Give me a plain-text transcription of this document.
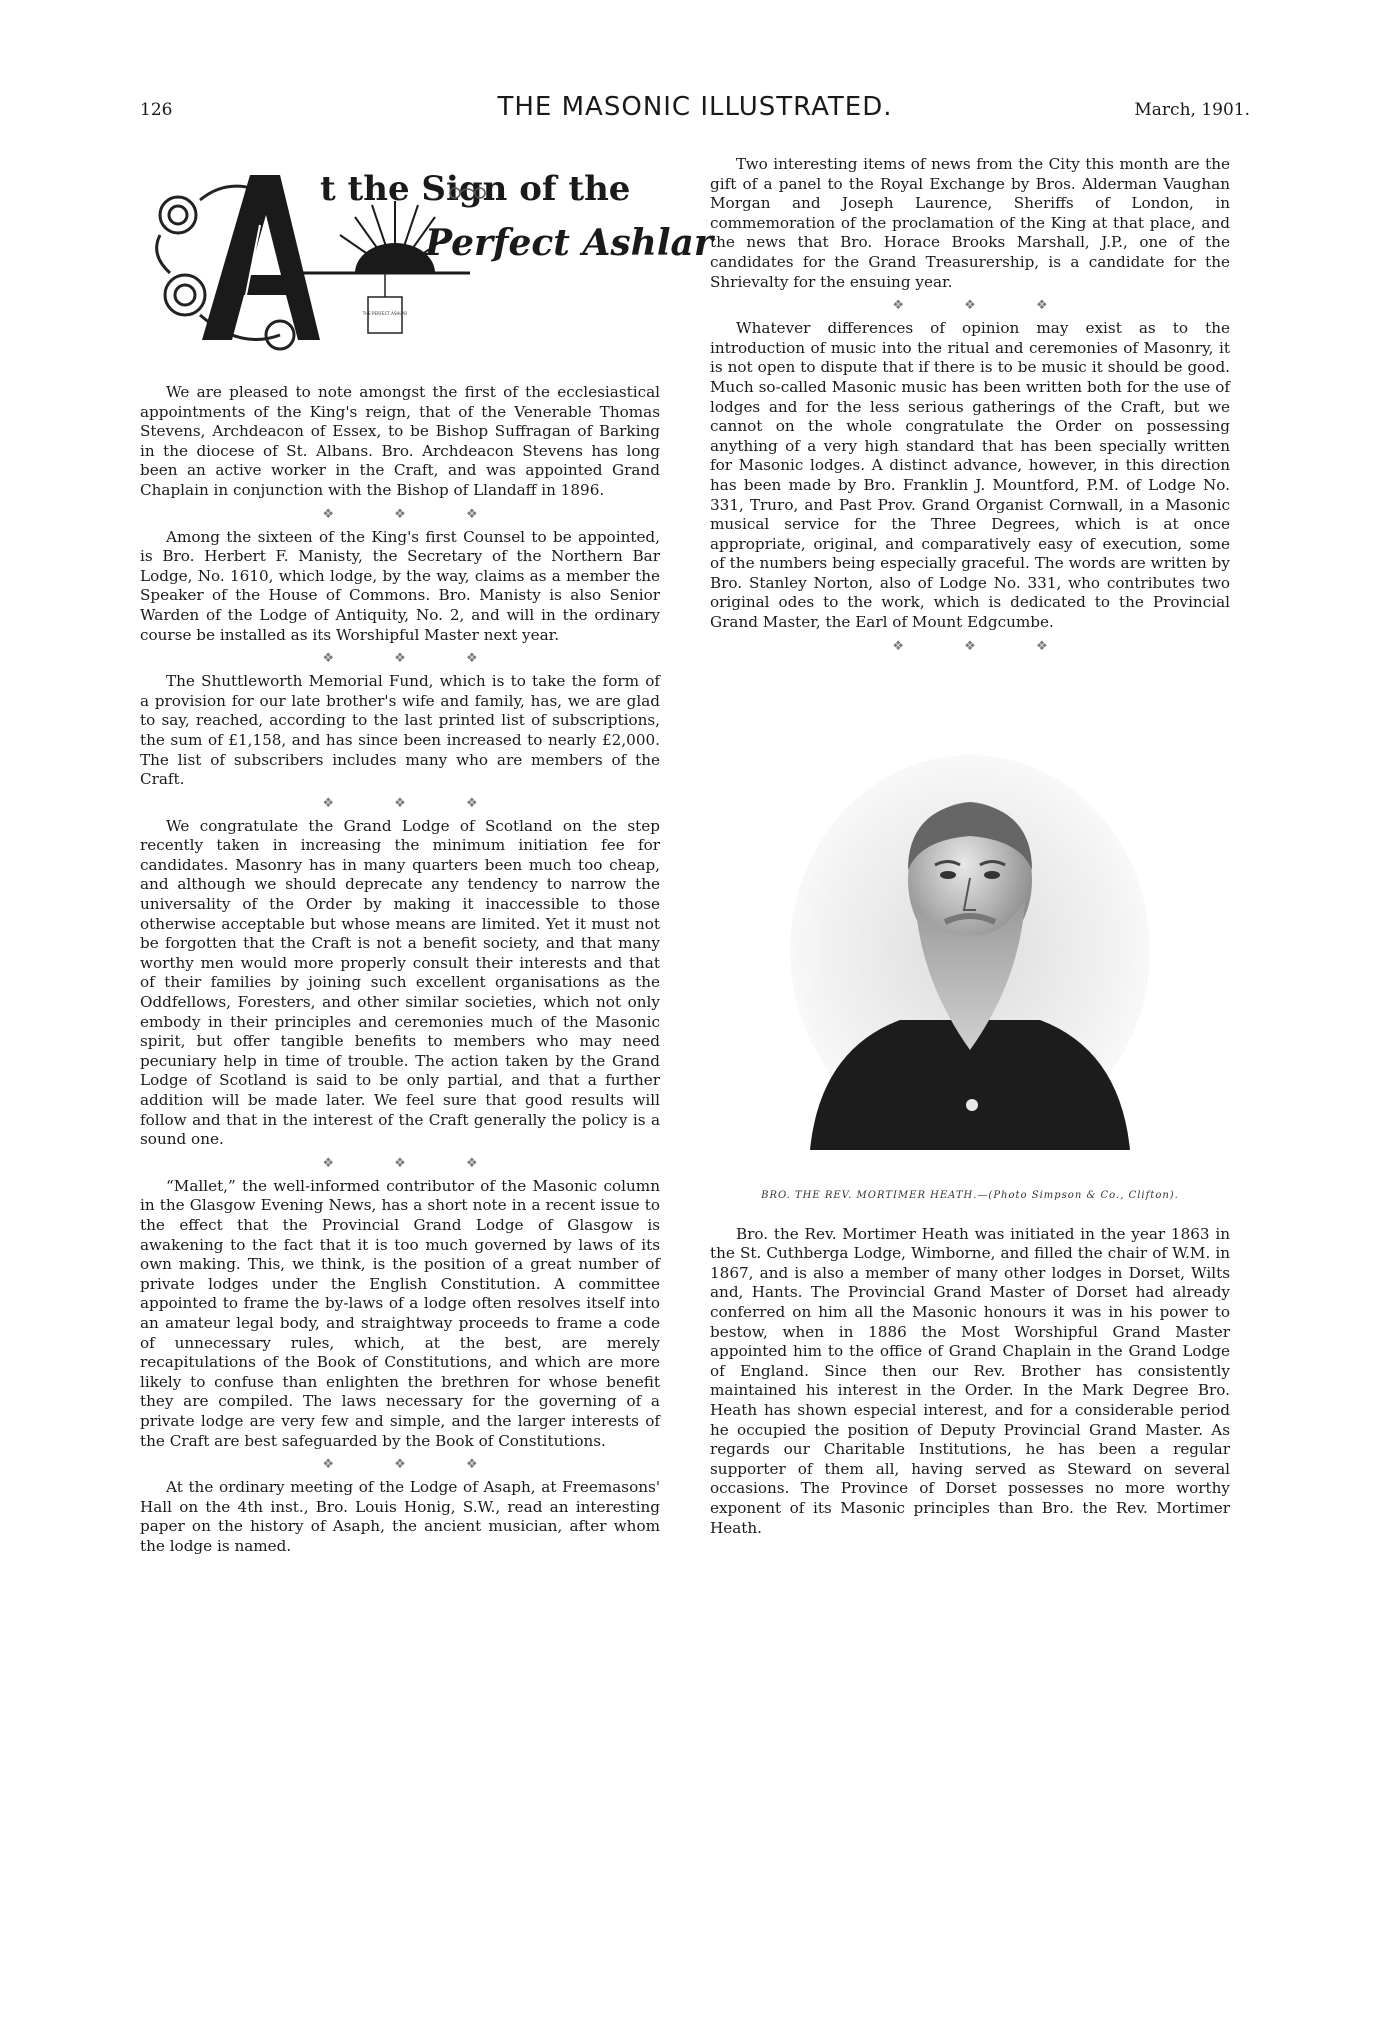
126	THE MASONIC ILLUSTRATED.	March, 1901.
t the Sign of the
Perfect Ashlar
THE PERFECT ASHLAR

We are pleased to note amongst the first of the ecclesiastical appointments of the King's reign, that of the Venerable Thomas Stevens, Archdeacon of Essex, to be Bishop Suffragan of Barking in the diocese of St. Albans. Bro. Archdeacon Stevens has long been an active worker in the Craft, and was appointed Grand Chaplain in conjunction with the Bishop of Llandaff in 1896.

❖ ❖ ❖

Among the sixteen of the King's first Counsel to be appointed, is Bro. Herbert F. Manisty, the Secretary of the Northern Bar Lodge, No. 1610, which lodge, by the way, claims as a member the Speaker of the House of Commons. Bro. Manisty is also Senior Warden of the Lodge of Antiquity, No. 2, and will in the ordinary course be installed as its Worshipful Master next year.

❖ ❖ ❖

The Shuttleworth Memorial Fund, which is to take the form of a provision for our late brother's wife and family, has, we are glad to say, reached, according to the last printed list of subscriptions, the sum of £1,158, and has since been increased to nearly £2,000. The list of subscribers includes many who are members of the Craft.

❖ ❖ ❖

We congratulate the Grand Lodge of Scotland on the step recently taken in increasing the minimum initiation fee for candidates. Masonry has in many quarters been much too cheap, and although we should deprecate any tendency to narrow the universality of the Order by making it inaccessible to those otherwise acceptable but whose means are limited. Yet it must not be forgotten that the Craft is not a benefit society, and that many worthy men would more properly consult their interests and that of their families by joining such excellent organisations as the Oddfellows, Foresters, and other similar societies, which not only embody in their principles and ceremonies much of the Masonic spirit, but offer tangible benefits to members who may need pecuniary help in time of trouble. The action taken by the Grand Lodge of Scotland is said to be only partial, and that a further addition will be made later. We feel sure that good results will follow and that in the interest of the Craft generally the policy is a sound one.

❖ ❖ ❖

“Mallet,” the well-informed contributor of the Masonic column in the Glasgow Evening News, has a short note in a recent issue to the effect that the Provincial Grand Lodge of Glasgow is awakening to the fact that it is too much governed by laws of its own making. This, we think, is the position of a great number of private lodges under the English Constitution. A committee appointed to frame the by-laws of a lodge often resolves itself into an amateur legal body, and straightway proceeds to frame a code of unnecessary rules, which, at the best, are merely recapitulations of the Book of Constitutions, and which are more likely to confuse than enlighten the brethren for whose benefit they are compiled. The laws necessary for the governing of a private lodge are very few and simple, and the larger interests of the Craft are best safeguarded by the Book of Constitutions.

❖ ❖ ❖

At the ordinary meeting of the Lodge of Asaph, at Freemasons' Hall on the 4th inst., Bro. Louis Honig, S.W., read an interesting paper on the history of Asaph, the ancient musician, after whom the lodge is named.

Two interesting items of news from the City this month are the gift of a panel to the Royal Exchange by Bros. Alderman Vaughan Morgan and Joseph Laurence, Sheriffs of London, in commemoration of the proclamation of the King at that place, and the news that Bro. Horace Brooks Marshall, J.P., one of the candidates for the Grand Treasurership, is a candidate for the Shrievalty for the ensuing year.

❖ ❖ ❖

Whatever differences of opinion may exist as to the introduction of music into the ritual and ceremonies of Masonry, it is not open to dispute that if there is to be music it should be good. Much so-called Masonic music has been written both for the use of lodges and for the less serious gatherings of the Craft, but we cannot on the whole congratulate the Order on possessing anything of a very high standard that has been specially written for Masonic lodges. A distinct advance, however, in this direction has been made by Bro. Franklin J. Mountford, P.M. of Lodge No. 331, Truro, and Past Prov. Grand Organist Cornwall, in a Masonic musical service for the Three Degrees, which is at once appropriate, original, and comparatively easy of execution, some of the numbers being especially graceful. The words are written by Bro. Stanley Norton, also of Lodge No. 331, who contributes two original odes to the work, which is dedicated to the Provincial Grand Master, the Earl of Mount Edgcumbe.

❖ ❖ ❖
BRO. THE REV. MORTIMER HEATH.—(Photo Simpson & Co., Clifton).

Bro. the Rev. Mortimer Heath was initiated in the year 1863 in the St. Cuthberga Lodge, Wimborne, and filled the chair of W.M. in 1867, and is also a member of many other lodges in Dorset, Wilts and, Hants. The Provincial Grand Master of Dorset had already conferred on him all the Masonic honours it was in his power to bestow, when in 1886 the Most Worshipful Grand Master appointed him to the office of Grand Chaplain in the Grand Lodge of England. Since then our Rev. Brother has consistently maintained his interest in the Order. In the Mark Degree Bro. Heath has shown especial interest, and for a considerable period he occupied the position of Deputy Provincial Grand Master. As regards our Charitable Institutions, he has been a regular supporter of them all, having served as Steward on several occasions. The Province of Dorset possesses no more worthy exponent of its Masonic principles than Bro. the Rev. Mortimer Heath.
